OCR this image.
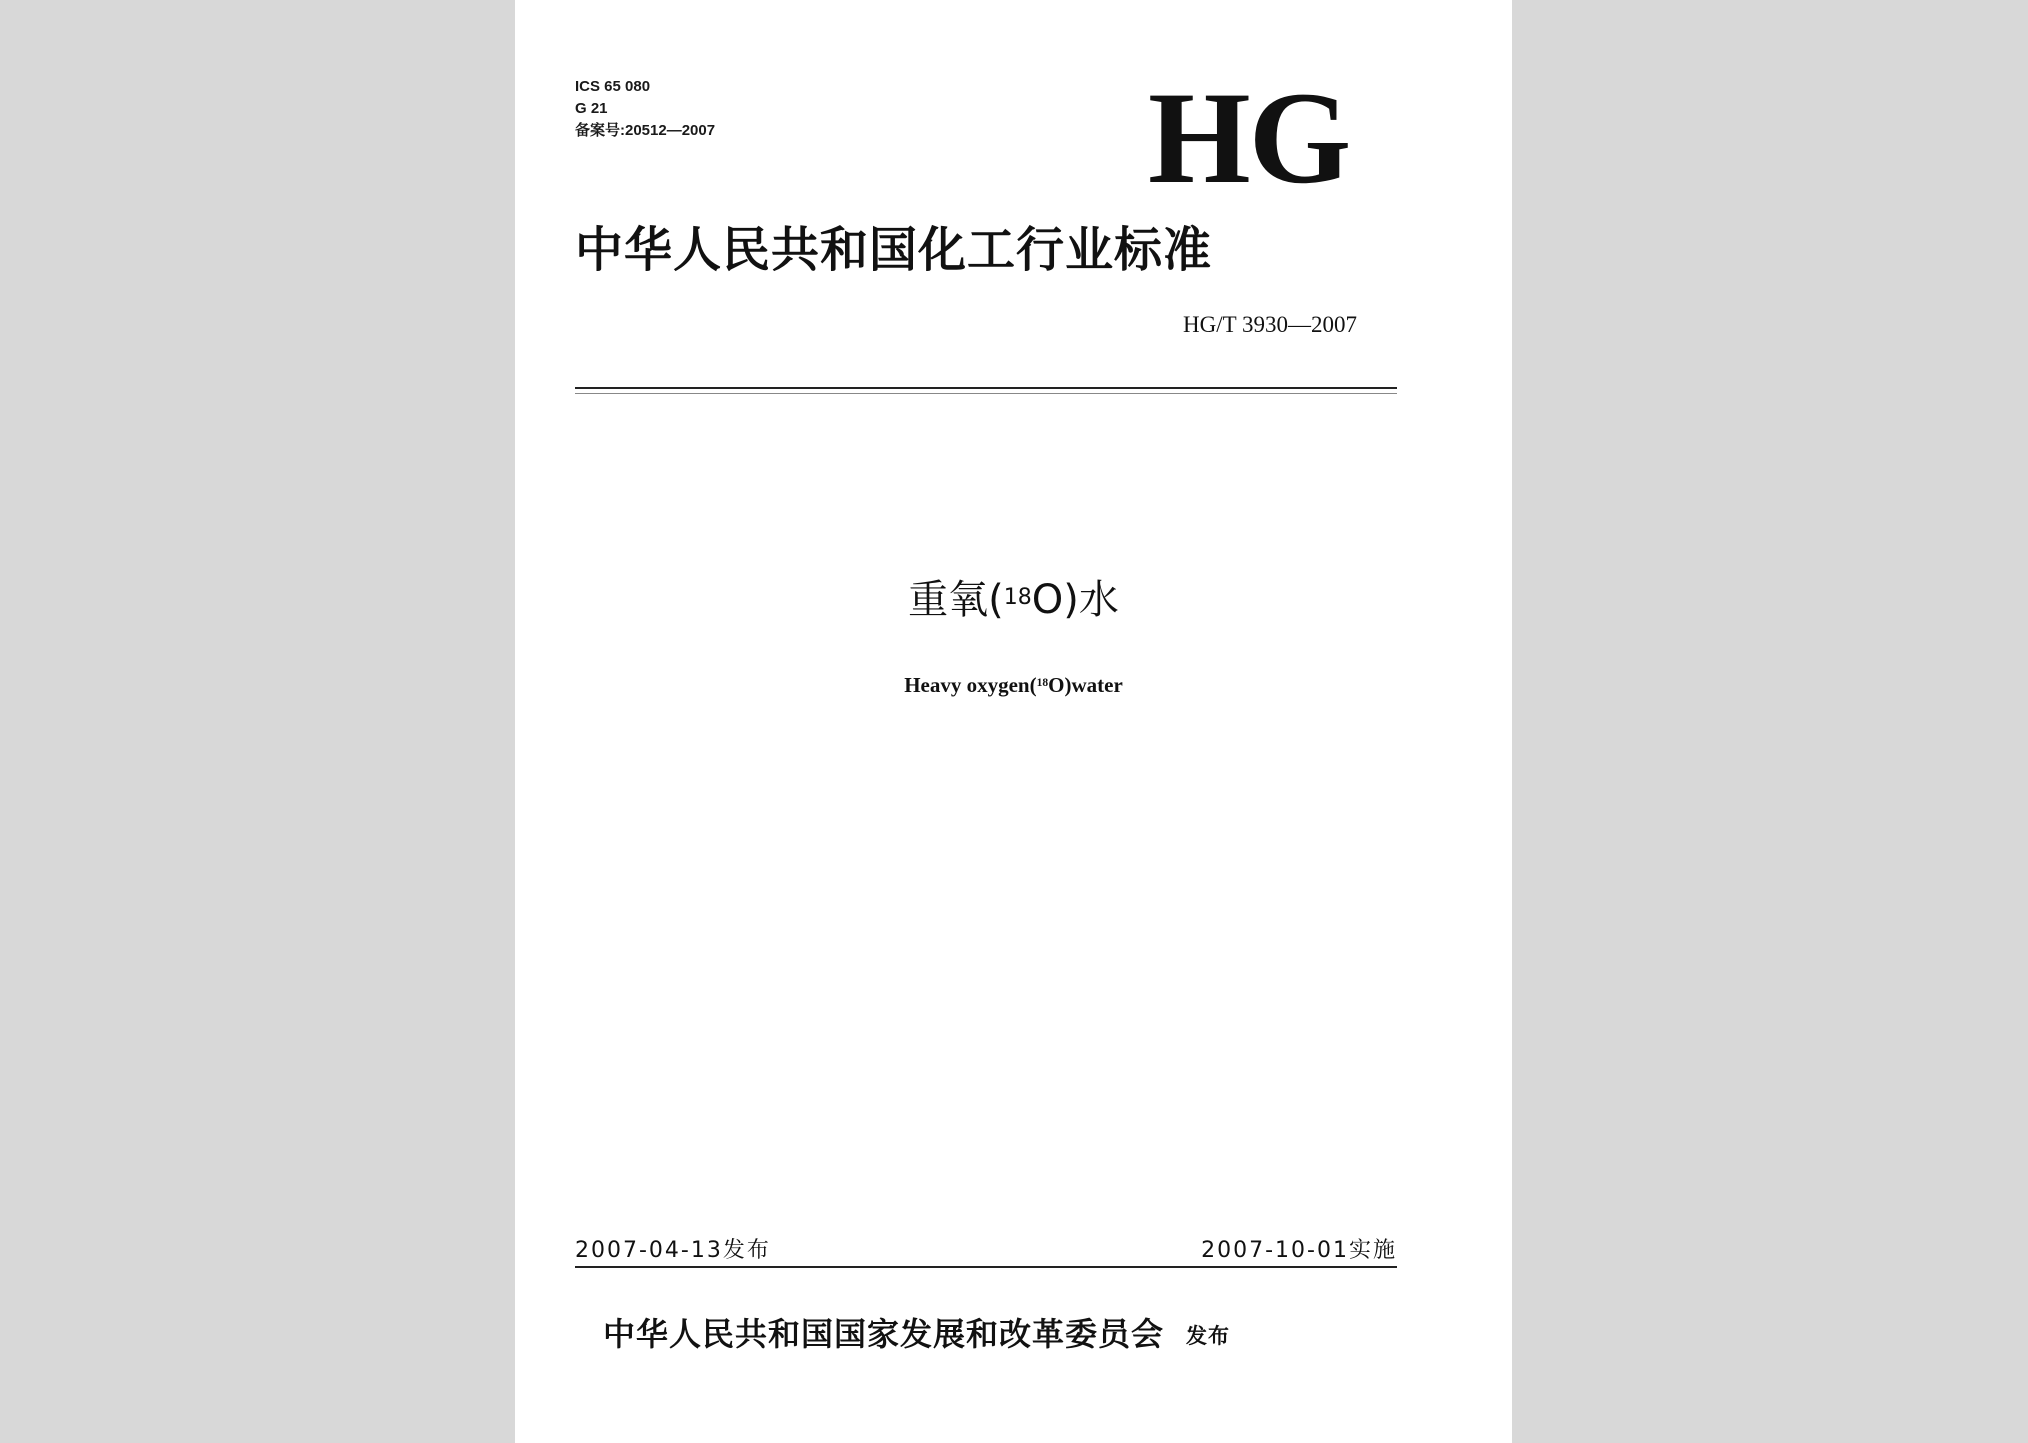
ICS 65 080
G 21
备案号:20512—2007	HG
中华人民共和国化工行业标准
HG/T 3930—2007
重氧($^{18}$O)水
Heavy oxygen($^{18}$O)water
2007-04-13发布	2007-10-01实施
中华人民共和国国家发展和改革委员会 发布
